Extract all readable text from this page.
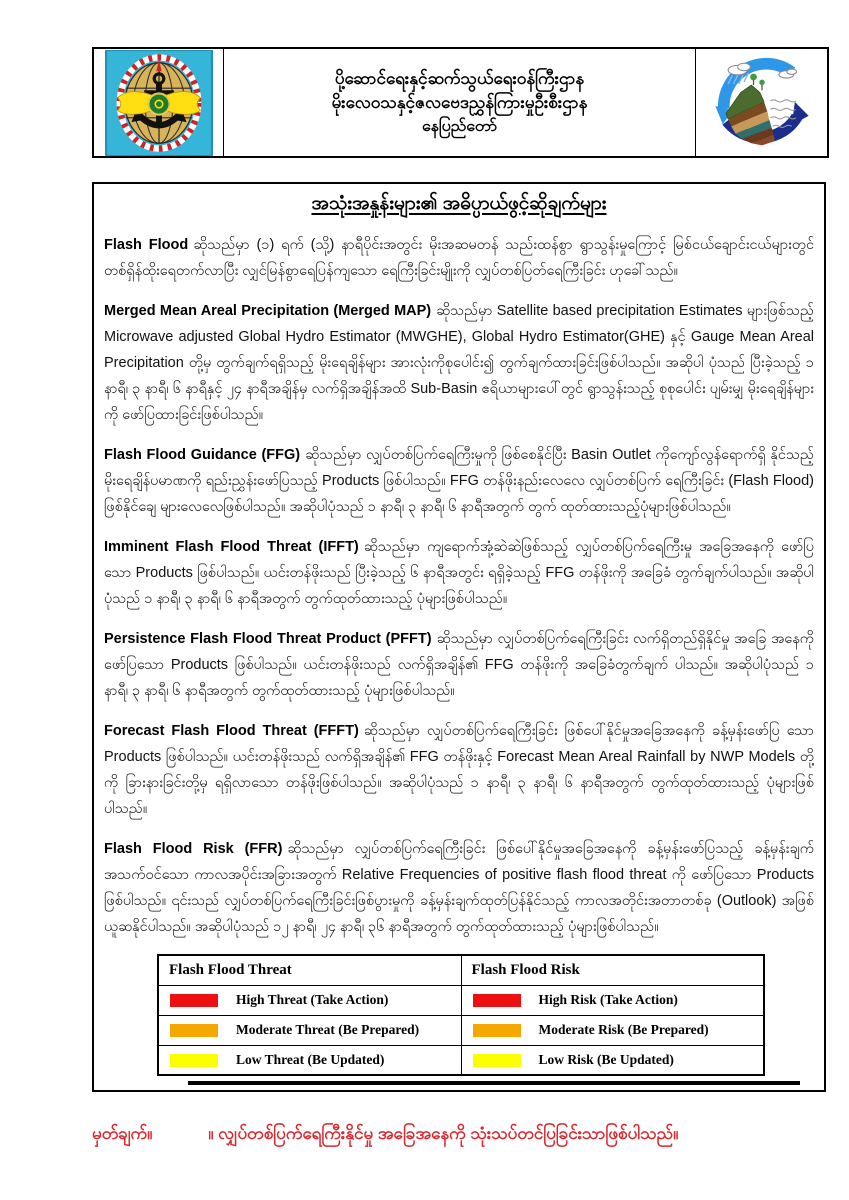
ပို့ဆောင်ရေးနှင့်ဆက်သွယ်ရေးဝန်ကြီးဌာန
မိုးလေဝသနှင့်ဇလဗေဒညွှန်ကြားမှုဦးစီးဌာန
နေပြည်တော်
အသုံးအနှုန်းများ၏ အဓိပ္ပာယ်ဖွင့်ဆိုချက်များ

Flash Flood ဆိုသည်မှာ (၁) ရက် (သို့) နာရီပိုင်းအတွင်း မိုးအဆမတန် သည်းထန်စွာ ရွာသွန်းမှုကြောင့် မြစ်ငယ်ချောင်းငယ်များတွင် တစ်ရှိန်ထိုးရေတက်လာပြီး လျှင်မြန်စွာရေပြန်ကျသော ရေကြီးခြင်းမျိုးကို လျှပ်တစ်ပြတ်ရေကြီးခြင်း ဟုခေါ်သည်။

Merged Mean Areal Precipitation (Merged MAP) ဆိုသည်မှာ Satellite based precipitation Estimates များဖြစ်သည့် Microwave adjusted Global Hydro Estimator (MWGHE), Global Hydro Estimator(GHE) နှင့် Gauge Mean Areal Precipitation တို့မှ တွက်ချက်ရရှိသည့် မိုးရေချိန်များ အားလုံးကိုစုပေါင်း၍ တွက်ချက်ထားခြင်းဖြစ်ပါသည်။ အဆိုပါ ပုံသည် ပြီးခဲ့သည့် ၁ နာရီ၊ ၃ နာရီ၊ ၆ နာရီနှင့် ၂၄ နာရီအချိန်မှ လက်ရှိအချိန်အထိ Sub-Basin ဧရိယာများပေါ်တွင် ရွာသွန်းသည့် စုစုပေါင်း ပျမ်းမျှ မိုးရေချိန်များကို ဖော်ပြထားခြင်းဖြစ်ပါသည်။

Flash Flood Guidance (FFG) ဆိုသည်မှာ လျှပ်တစ်ပြက်ရေကြီးမှုကို ဖြစ်စေနိုင်ပြီး Basin Outlet ကိုကျော်လွန်ရောက်ရှိ နိုင်သည့် မိုးရေချိန်ပမာဏကို ရည်းညွှန်းဖော်ပြသည့် Products ဖြစ်ပါသည်။ FFG တန်ဖိုးနည်းလေလေ လျှပ်တစ်ပြက် ရေကြီးခြင်း (Flash Flood) ဖြစ်နိုင်ချေ များလေလေဖြစ်ပါသည်။ အဆိုပါပုံသည် ၁ နာရီ၊ ၃ နာရီ၊ ၆ နာရီအတွက် တွက် ထုတ်ထားသည့်ပုံများဖြစ်ပါသည်။

Imminent Flash Flood Threat (IFFT) ဆိုသည်မှာ ကျရောက်အုံ့ဆဲဆဲဖြစ်သည့် လျှပ်တစ်ပြက်ရေကြီးမှု အခြေအနေကို ဖော်ပြသော Products ဖြစ်ပါသည်။ ယင်းတန်ဖိုးသည် ပြီးခဲ့သည့် ၆ နာရီအတွင်း ရရှိခဲ့သည့် FFG တန်ဖိုးကို အခြေခံ တွက်ချက်ပါသည်။ အဆိုပါပုံသည် ၁ နာရီ၊ ၃ နာရီ၊ ၆ နာရီအတွက် တွက်ထုတ်ထားသည့် ပုံများဖြစ်ပါသည်။

Persistence Flash Flood Threat Product (PFFT) ဆိုသည်မှာ လျှပ်တစ်ပြက်ရေကြီးခြင်း လက်ရှိတည်ရှိနိုင်မှု အခြေ အနေကို ဖော်ပြသော Products ဖြစ်ပါသည်။ ယင်းတန်ဖိုးသည် လက်ရှိအချိန်၏ FFG တန်ဖိုးကို အခြေခံတွက်ချက် ပါသည်။ အဆိုပါပုံသည် ၁ နာရီ၊ ၃ နာရီ၊ ၆ နာရီအတွက် တွက်ထုတ်ထားသည့် ပုံများဖြစ်ပါသည်။

Forecast Flash Flood Threat (FFFT) ဆိုသည်မှာ လျှပ်တစ်ပြက်ရေကြီးခြင်း ဖြစ်ပေါ်နိုင်မှုအခြေအနေကို ခန့်မှန်းဖော်ပြ သော Products ဖြစ်ပါသည်။ ယင်းတန်ဖိုးသည် လက်ရှိအချိန်၏ FFG တန်ဖိုးနှင့် Forecast Mean Areal Rainfall by NWP Models တို့ကို ခြားနားခြင်းတို့မှ ရရှိလာသော တန်ဖိုးဖြစ်ပါသည်။ အဆိုပါပုံသည် ၁ နာရီ၊ ၃ နာရီ၊ ၆ နာရီအတွက် တွက်ထုတ်ထားသည့် ပုံများဖြစ်ပါသည်။

Flash Flood Risk (FFR) ဆိုသည်မှာ လျှပ်တစ်ပြက်ရေကြီးခြင်း ဖြစ်ပေါ်နိုင်မှုအခြေအနေကို ခန့်မှန်းဖော်ပြသည့် ခန့်မှန်းချက် အသက်ဝင်သော ကာလအပိုင်းအခြားအတွက် Relative Frequencies of positive flash flood threat ကို ဖော်ပြသော Products ဖြစ်ပါသည်။ ၎င်းသည် လျှပ်တစ်ပြက်ရေကြီးခြင်းဖြစ်ပွားမှုကို ခန့်မှန်းချက်ထုတ်ပြန်နိုင်သည့် ကာလအတိုင်းအတာတစ်ခု (Outlook) အဖြစ် ယူဆနိုင်ပါသည်။ အဆိုပါပုံသည် ၁၂ နာရီ၊ ၂၄ နာရီ၊ ၃၆ နာရီအတွက် တွက်ထုတ်ထားသည့် ပုံများဖြစ်ပါသည်။

Flash Flood Threat	Flash Flood Risk
High Threat (Take Action)	High Risk (Take Action)
Moderate Threat (Be Prepared)	Moderate Risk (Be Prepared)
Low Threat (Be Updated)	Low Risk (Be Updated)
မှတ်ချက်။	။ လျှပ်တစ်ပြက်ရေကြီးနိုင်မှု အခြေအနေကို သုံးသပ်တင်ပြခြင်းသာဖြစ်ပါသည်။
